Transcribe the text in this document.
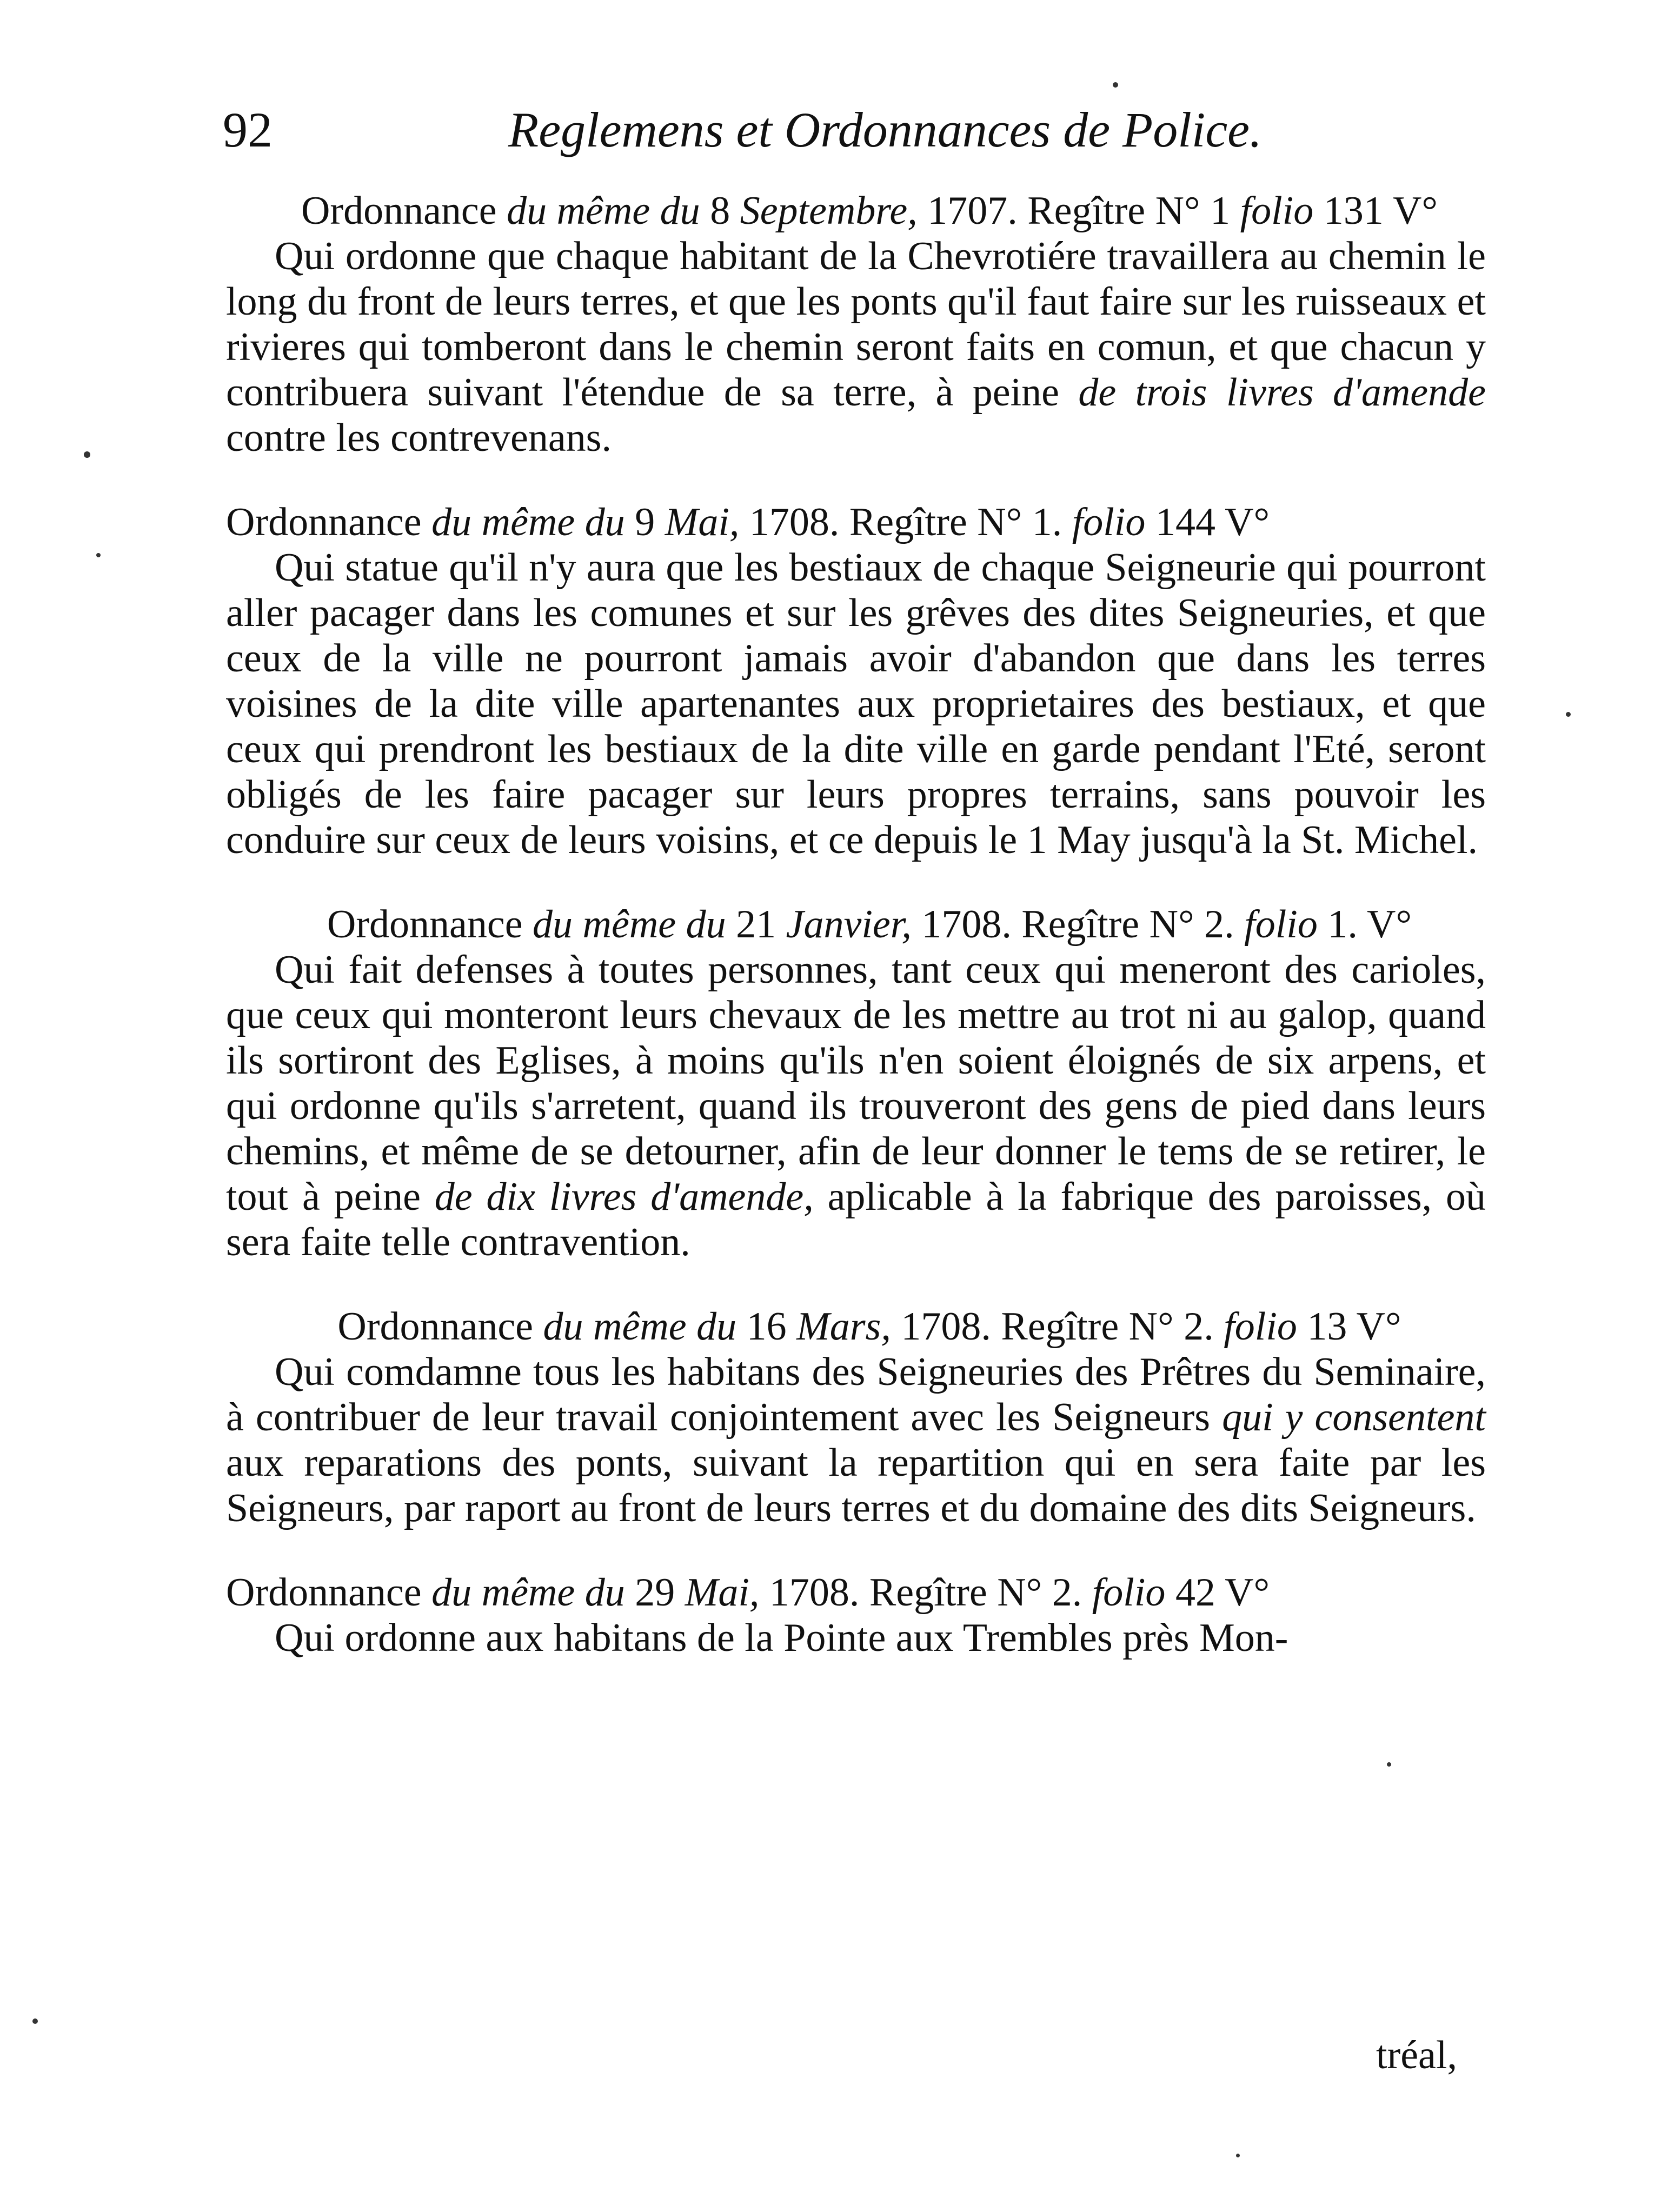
92	Reglemens et Ordonnances de Police.
Ordonnance du même du 8 Septembre, 1707. Regître N° 1 folio 131 V°
Qui ordonne que chaque habitant de la Chevrotiére travaillera au chemin le long du front de leurs terres, et que les ponts qu'il faut faire sur les ruisseaux et rivieres qui tomberont dans le chemin seront faits en comun, et que chacun y contribuera suivant l'étendue de sa terre, à peine de trois livres d'amende contre les contrevenans.
Ordonnance du même du 9 Mai, 1708. Regître N° 1. folio 144 V°
Qui statue qu'il n'y aura que les bestiaux de chaque Seigneurie qui pourront aller pacager dans les comunes et sur les grêves des dites Seigneuries, et que ceux de la ville ne pourront jamais avoir d'abandon que dans les terres voisines de la dite ville apartenantes aux proprietaires des bestiaux, et que ceux qui prendront les bestiaux de la dite ville en garde pendant l'Eté, seront obligés de les faire pacager sur leurs propres terrains, sans pouvoir les conduire sur ceux de leurs voisins, et ce depuis le 1 May jusqu'à la St. Michel.
Ordonnance du même du 21 Janvier, 1708. Regître N° 2. folio 1. V°
Qui fait defenses à toutes personnes, tant ceux qui meneront des carioles, que ceux qui monteront leurs chevaux de les mettre au trot ni au galop, quand ils sortiront des Eglises, à moins qu'ils n'en soient éloignés de six arpens, et qui ordonne qu'ils s'arretent, quand ils trouveront des gens de pied dans leurs chemins, et même de se detourner, afin de leur donner le tems de se retirer, le tout à peine de dix livres d'amende, aplicable à la fabrique des paroisses, où sera faite telle contravention.
Ordonnance du même du 16 Mars, 1708. Regître N° 2. folio 13 V°
Qui comdamne tous les habitans des Seigneuries des Prêtres du Seminaire, à contribuer de leur travail conjointement avec les Seigneurs qui y consentent aux reparations des ponts, suivant la repartition qui en sera faite par les Seigneurs, par raport au front de leurs terres et du domaine des dits Seigneurs.
Ordonnance du même du 29 Mai, 1708. Regître N° 2. folio 42 V°
Qui ordonne aux habitans de la Pointe aux Trembles près Mon-
tréal,
